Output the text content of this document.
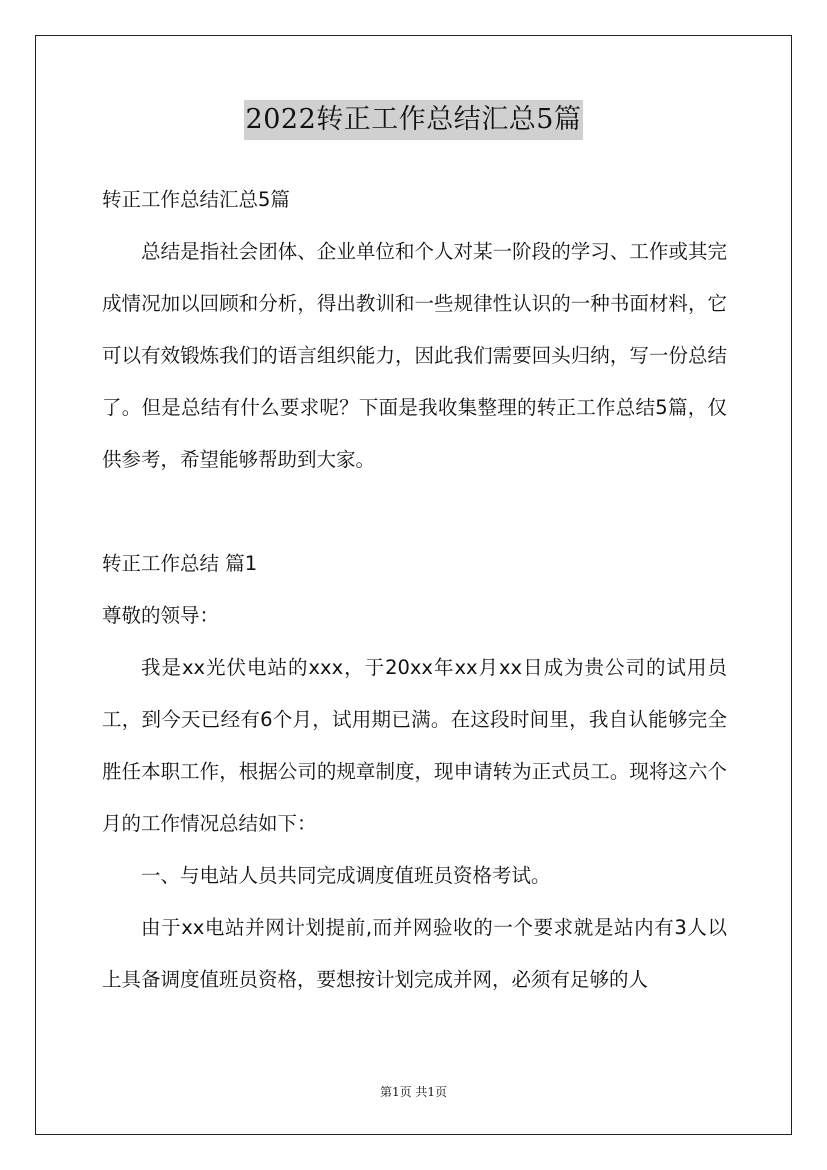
2022转正工作总结汇总5篇

转正工作总结汇总5篇

总结是指社会团体、企业单位和个人对某一阶段的学习、工作或其完成情况加以回顾和分析，得出教训和一些规律性认识的一种书面材料，它可以有效锻炼我们的语言组织能力，因此我们需要回头归纳，写一份总结了。但是总结有什么要求呢？下面是我收集整理的转正工作总结5篇，仅供参考，希望能够帮助到大家。

转正工作总结 篇1

尊敬的领导：

我是xx光伏电站的xxx，于20xx年xx月xx日成为贵公司的试用员工，到今天已经有6个月，试用期已满。在这段时间里，我自认能够完全胜任本职工作，根据公司的规章制度，现申请转为正式员工。现将这六个月的工作情况总结如下：

一、与电站人员共同完成调度值班员资格考试。

由于xx电站并网计划提前,而并网验收的一个要求就是站内有3人以上具备调度值班员资格，要想按计划完成并网，必须有足够的人

第1页 共1页
